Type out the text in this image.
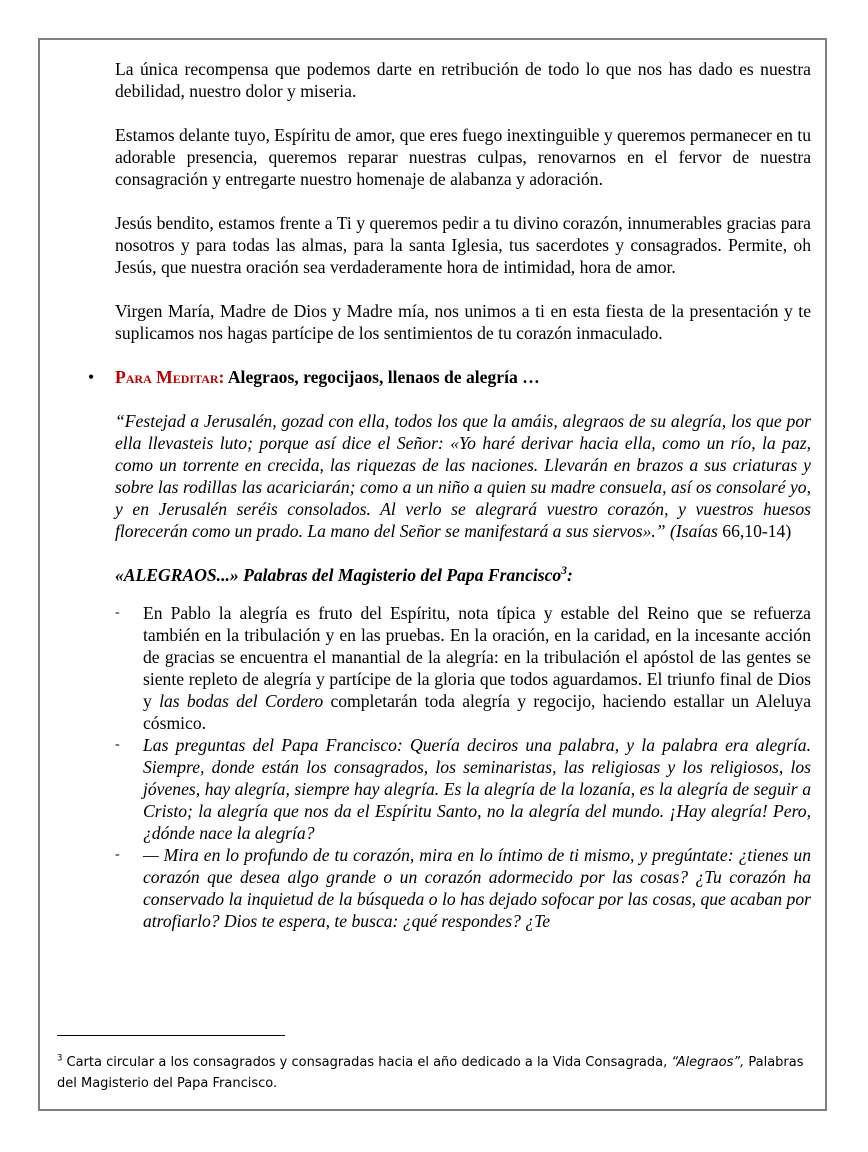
La única recompensa que podemos darte en retribución de todo lo que nos has dado es nuestra debilidad, nuestro dolor y miseria.

Estamos delante tuyo, Espíritu de amor, que eres fuego inextinguible y queremos permanecer en tu adorable presencia, queremos reparar nuestras culpas, renovarnos en el fervor de nuestra consagración y entregarte nuestro homenaje de alabanza y adoración.

Jesús bendito, estamos frente a Ti y queremos pedir a tu divino corazón, innumerables gracias para nosotros y para todas las almas, para la santa Iglesia, tus sacerdotes y consagrados. Permite, oh Jesús, que nuestra oración sea verdaderamente hora de intimidad, hora de amor.

Virgen María, Madre de Dios y Madre mía, nos unimos a ti en esta fiesta de la presentación y te suplicamos nos hagas partícipe de los sentimientos de tu corazón inmaculado.

• Para Meditar: Alegraos, regocijaos, llenaos de alegría …

“Festejad a Jerusalén, gozad con ella, todos los que la amáis, alegraos de su alegría, los que por ella llevasteis luto; porque así dice el Señor: «Yo haré derivar hacia ella, como un río, la paz, como un torrente en crecida, las riquezas de las naciones. Llevarán en brazos a sus criaturas y sobre las rodillas las acariciarán; como a un niño a quien su madre consuela, así os consolaré yo, y en Jerusalén seréis consolados. Al verlo se alegrará vuestro corazón, y vuestros huesos florecerán como un prado. La mano del Señor se manifestará a sus siervos».” (Isaías 66,10-14)

«ALEGRAOS...» Palabras del Magisterio del Papa Francisco$^3$:

- En Pablo la alegría es fruto del Espíritu, nota típica y estable del Reino que se refuerza también en la tribulación y en las pruebas. En la oración, en la caridad, en la incesante acción de gracias se encuentra el manantial de la alegría: en la tribulación el apóstol de las gentes se siente repleto de alegría y partícipe de la gloria que todos aguardamos. El triunfo final de Dios y las bodas del Cordero completarán toda alegría y regocijo, haciendo estallar un Aleluya cósmico.
- Las preguntas del Papa Francisco: Quería deciros una palabra, y la palabra era alegría. Siempre, donde están los consagrados, los seminaristas, las religiosas y los religiosos, los jóvenes, hay alegría, siempre hay alegría. Es la alegría de la lozanía, es la alegría de seguir a Cristo; la alegría que nos da el Espíritu Santo, no la alegría del mundo. ¡Hay alegría! Pero, ¿dónde nace la alegría?
- — Mira en lo profundo de tu corazón, mira en lo íntimo de ti mismo, y pregúntate: ¿tienes un corazón que desea algo grande o un corazón adormecido por las cosas? ¿Tu corazón ha conservado la inquietud de la búsqueda o lo has dejado sofocar por las cosas, que acaban por atrofiarlo? Dios te espera, te busca: ¿qué respondes? ¿Te
$^3$ Carta circular a los consagrados y consagradas hacia el año dedicado a la Vida Consagrada, “Alegraos”, Palabras del Magisterio del Papa Francisco.
